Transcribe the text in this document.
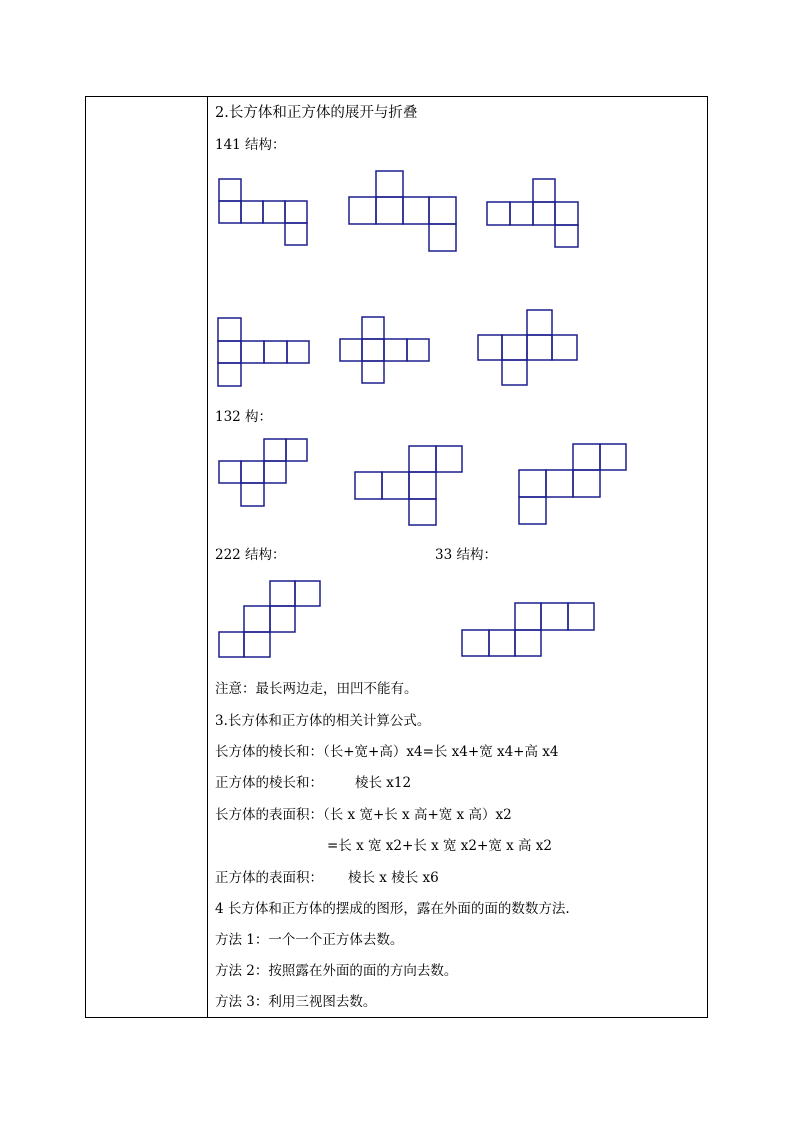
2.长方体和正方体的展开与折叠
141 结构：
132 构：
222 结构：	33 结构：
注意：最长两边走，田凹不能有。
3.长方体和正方体的相关计算公式。
长方体的棱长和：（长+宽+高）x4=长 x4+宽 x4+高 x4
正方体的棱长和： 棱长 x12
长方体的表面积：（长 x 宽+长 x 高+宽 x 高）x2
=长 x 宽 x2+长 x 宽 x2+宽 x 高 x2
正方体的表面积： 棱长 x 棱长 x6
4 长方体和正方体的摆成的图形，露在外面的面的数数方法.
方法 1：一个一个正方体去数。
方法 2：按照露在外面的面的方向去数。
方法 3：利用三视图去数。
